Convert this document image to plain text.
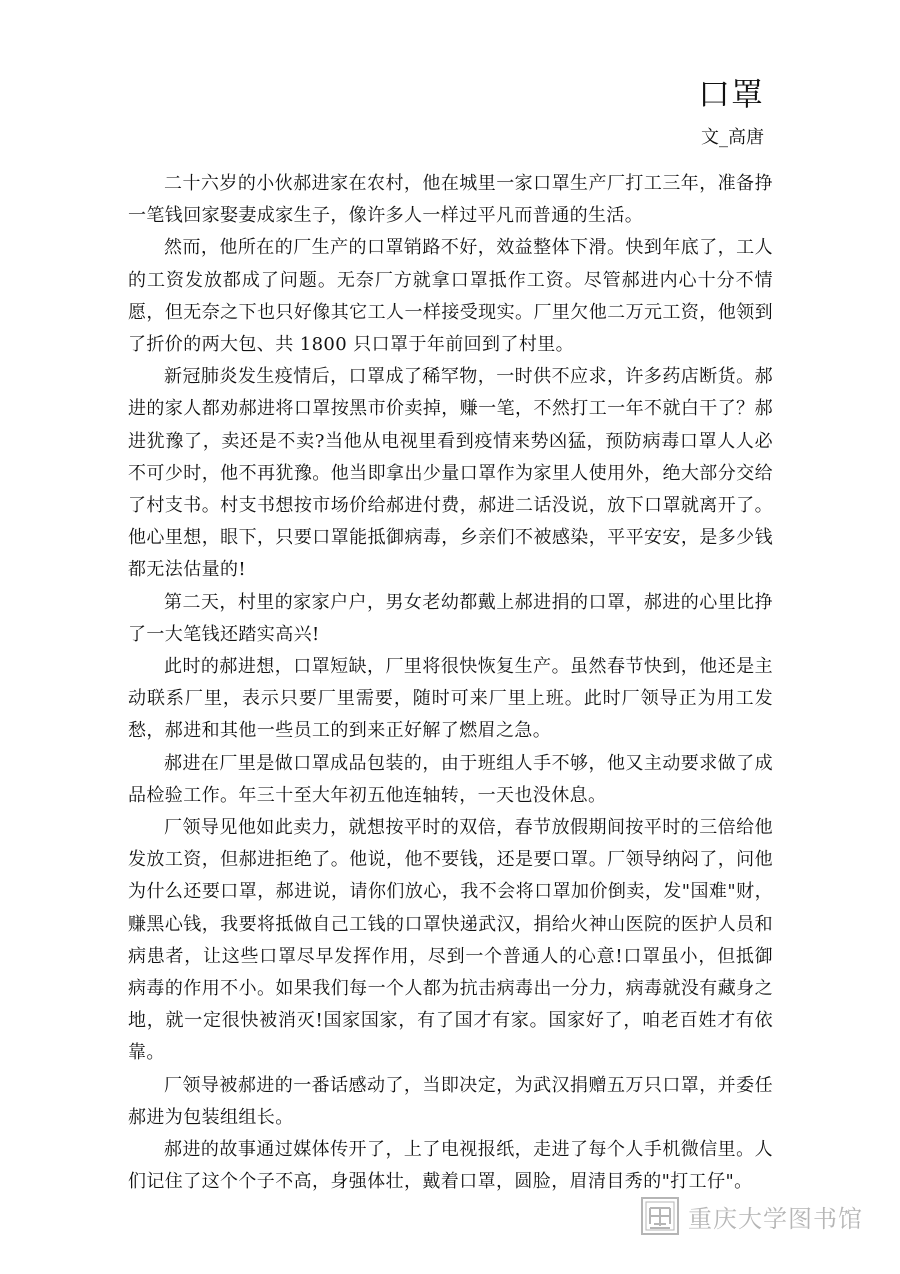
口罩
文_高唐

二十六岁的小伙郝进家在农村，他在城里一家口罩生产厂打工三年，准备挣一笔钱回家娶妻成家生子，像许多人一样过平凡而普通的生活。

然而，他所在的厂生产的口罩销路不好，效益整体下滑。快到年底了，工人的工资发放都成了问题。无奈厂方就拿口罩抵作工资。尽管郝进内心十分不情愿，但无奈之下也只好像其它工人一样接受现实。厂里欠他二万元工资，他领到了折价的两大包、共 1800 只口罩于年前回到了村里。

新冠肺炎发生疫情后，口罩成了稀罕物，一时供不应求，许多药店断货。郝进的家人都劝郝进将口罩按黑市价卖掉，赚一笔，不然打工一年不就白干了？郝进犹豫了，卖还是不卖?当他从电视里看到疫情来势凶猛，预防病毒口罩人人必不可少时，他不再犹豫。他当即拿出少量口罩作为家里人使用外，绝大部分交给了村支书。村支书想按市场价给郝进付费，郝进二话没说，放下口罩就离开了。他心里想，眼下，只要口罩能抵御病毒，乡亲们不被感染，平平安安，是多少钱都无法估量的!

第二天，村里的家家户户，男女老幼都戴上郝进捐的口罩，郝进的心里比挣了一大笔钱还踏实高兴!

此时的郝进想，口罩短缺，厂里将很快恢复生产。虽然春节快到，他还是主动联系厂里，表示只要厂里需要，随时可来厂里上班。此时厂领导正为用工发愁，郝进和其他一些员工的到来正好解了燃眉之急。

郝进在厂里是做口罩成品包装的，由于班组人手不够，他又主动要求做了成品检验工作。年三十至大年初五他连轴转，一天也没休息。

厂领导见他如此卖力，就想按平时的双倍，春节放假期间按平时的三倍给他发放工资，但郝进拒绝了。他说，他不要钱，还是要口罩。厂领导纳闷了，问他为什么还要口罩，郝进说，请你们放心，我不会将口罩加价倒卖，发"国难"财，赚黑心钱，我要将抵做自己工钱的口罩快递武汉，捐给火神山医院的医护人员和病患者，让这些口罩尽早发挥作用，尽到一个普通人的心意!口罩虽小，但抵御病毒的作用不小。如果我们每一个人都为抗击病毒出一分力，病毒就没有藏身之地，就一定很快被消灭!国家国家，有了国才有家。国家好了，咱老百姓才有依靠。

厂领导被郝进的一番话感动了，当即决定，为武汉捐赠五万只口罩，并委任郝进为包装组组长。

郝进的故事通过媒体传开了，上了电视报纸，走进了每个人手机微信里。人们记住了这个个子不高，身强体壮，戴着口罩，圆脸，眉清目秀的"打工仔"。

重庆大学图书馆
